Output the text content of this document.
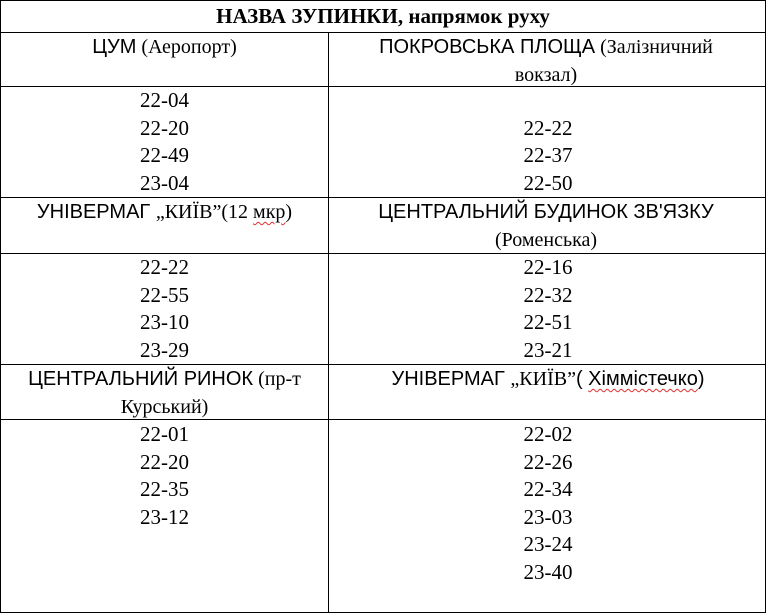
НАЗВА ЗУПИНКИ, напрямок руху
ЦУМ (Аеропорт)	ПОКРОВСЬКА ПЛОЩА (Залізничний вокзал)
22-04
22-20
22-49
23-04
22-22
22-37
22-50
УНІВЕРМАГ „КИЇВ”(12 мкр)	ЦЕНТРАЛЬНИЙ БУДИНОК ЗВ'ЯЗКУ (Роменська)
22-22
22-55
23-10
23-29
22-16
22-32
22-51
23-21
ЦЕНТРАЛЬНИЙ РИНОК (пр-т Курський)
УНІВЕРМАГ „КИЇВ”( Хіммістечко)
22-01
22-20
22-35
23-12
22-02
22-26
22-34
23-03
23-24
23-40
